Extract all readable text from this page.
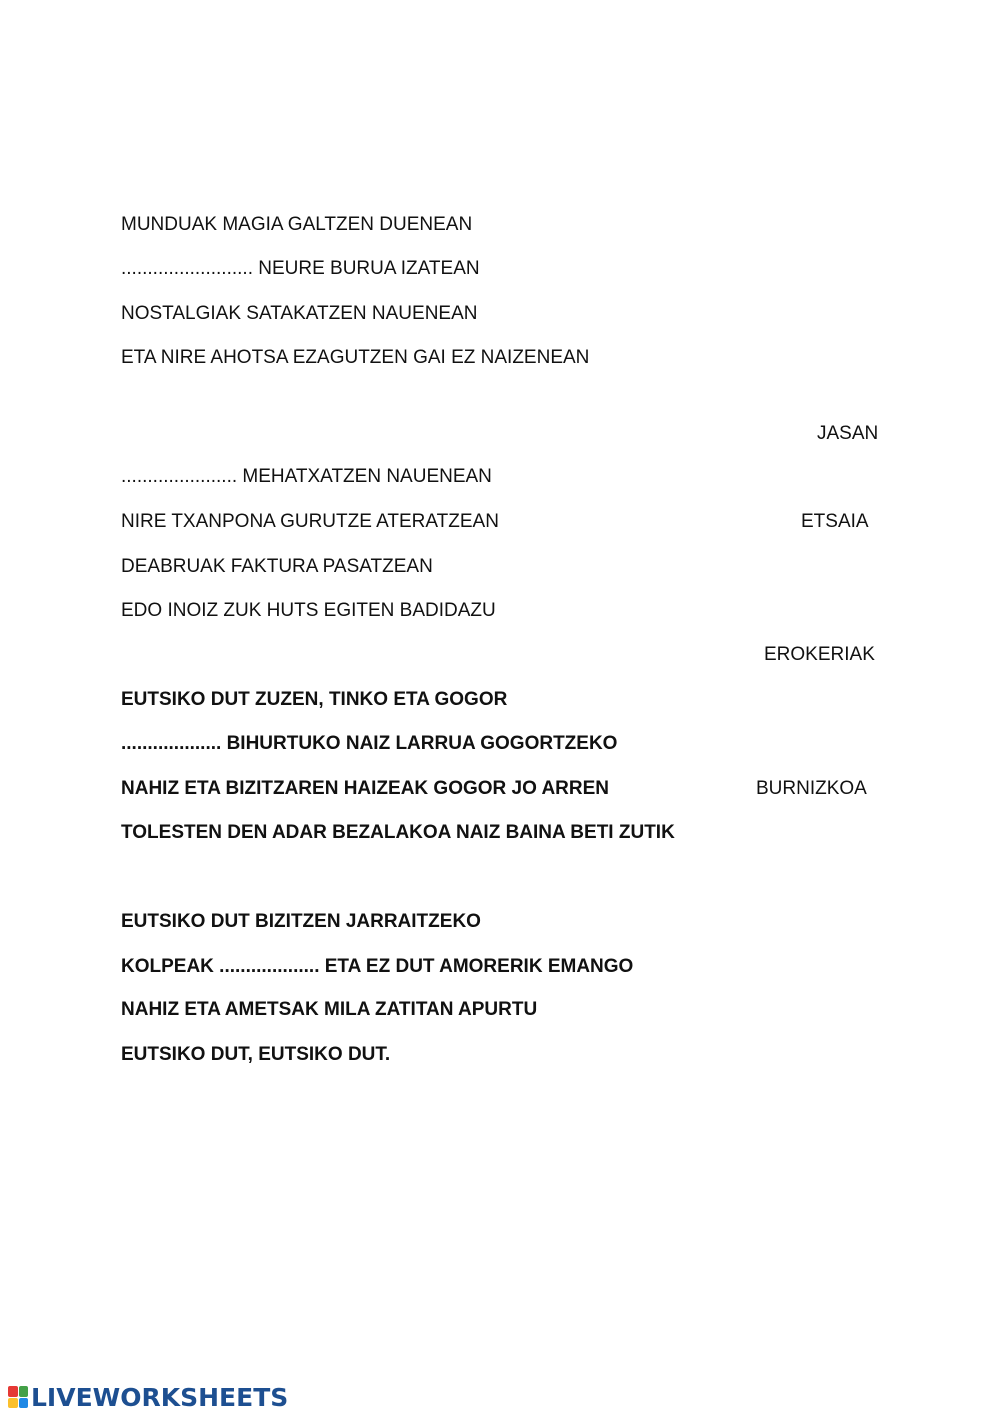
MUNDUAK MAGIA GALTZEN DUENEAN
......................... NEURE BURUA IZATEAN
NOSTALGIAK SATAKATZEN NAUENEAN
ETA NIRE AHOTSA EZAGUTZEN GAI EZ NAIZENEAN
...................... MEHATXATZEN NAUENEAN
NIRE TXANPONA GURUTZE ATERATZEAN
DEABRUAK FAKTURA PASATZEAN
EDO INOIZ ZUK HUTS EGITEN BADIDAZU
EUTSIKO DUT ZUZEN, TINKO ETA GOGOR
................... BIHURTUKO NAIZ LARRUA GOGORTZEKO
NAHIZ ETA BIZITZAREN HAIZEAK GOGOR JO ARREN
TOLESTEN DEN ADAR BEZALAKOA NAIZ BAINA BETI ZUTIK
EUTSIKO DUT BIZITZEN JARRAITZEKO
KOLPEAK ................... ETA EZ DUT AMORERIK EMANGO
NAHIZ ETA AMETSAK MILA ZATITAN APURTU
EUTSIKO DUT, EUTSIKO DUT.
JASAN
ETSAIA
EROKERIAK
BURNIZKOA
LIVEWORKSHEETS
